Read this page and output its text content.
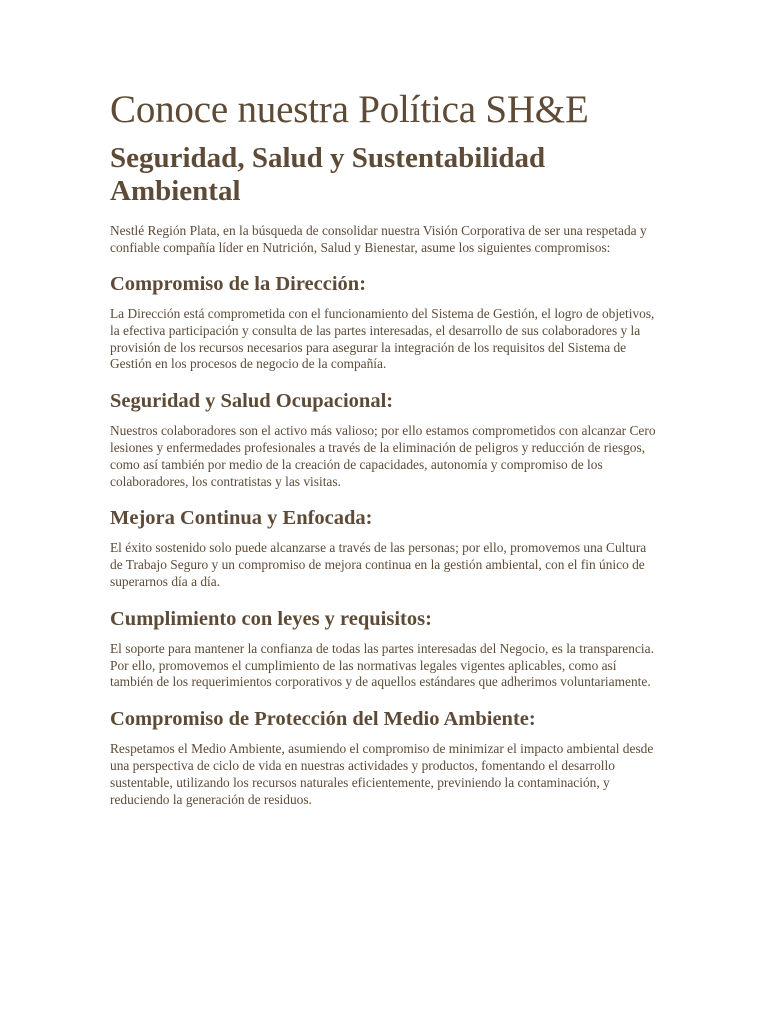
Conoce nuestra Política SH&E
Seguridad, Salud y Sustentabilidad Ambiental

Nestlé Región Plata, en la búsqueda de consolidar nuestra Visión Corporativa de ser una respetada y confiable compañía líder en Nutrición, Salud y Bienestar, asume los siguientes compromisos:

Compromiso de la Dirección:

La Dirección está comprometida con el funcionamiento del Sistema de Gestión, el logro de objetivos, la efectiva participación y consulta de las partes interesadas, el desarrollo de sus colaboradores y la provisión de los recursos necesarios para asegurar la integración de los requisitos del Sistema de Gestión en los procesos de negocio de la compañía.

Seguridad y Salud Ocupacional:

Nuestros colaboradores son el activo más valioso; por ello estamos comprometidos con alcanzar Cero lesiones y enfermedades profesionales a través de la eliminación de peligros y reducción de riesgos, como así también por medio de la creación de capacidades, autonomía y compromiso de los colaboradores, los contratistas y las visitas.

Mejora Continua y Enfocada:

El éxito sostenido solo puede alcanzarse a través de las personas; por ello, promovemos una Cultura de Trabajo Seguro y un compromiso de mejora continua en la gestión ambiental, con el fin único de superarnos día a día.

Cumplimiento con leyes y requisitos:

El soporte para mantener la confianza de todas las partes interesadas del Negocio, es la transparencia. Por ello, promovemos el cumplimiento de las normativas legales vigentes aplicables, como así también de los requerimientos corporativos y de aquellos estándares que adherimos voluntariamente.

Compromiso de Protección del Medio Ambiente:

Respetamos el Medio Ambiente, asumiendo el compromiso de minimizar el impacto ambiental desde una perspectiva de ciclo de vida en nuestras actividades y productos, fomentando el desarrollo sustentable, utilizando los recursos naturales eficientemente, previniendo la contaminación, y reduciendo la generación de residuos.
